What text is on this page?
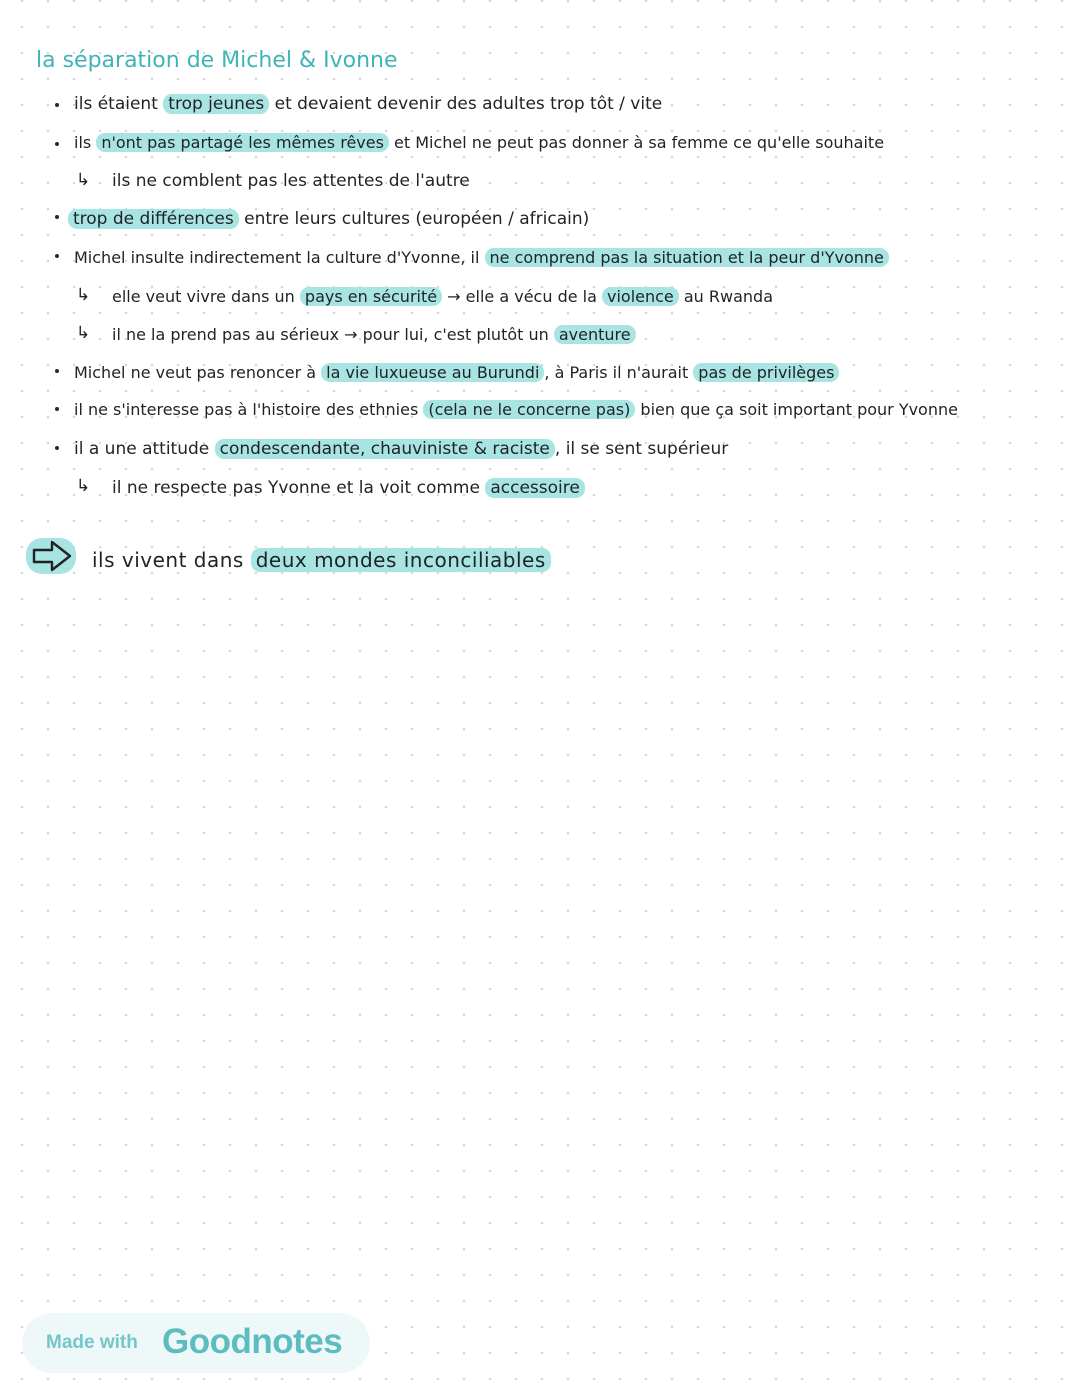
la séparation de Michel & Ivonne
ils étaient trop jeunes et devaient devenir des adultes trop tôt / vite
ils n'ont pas partagé les mêmes rêves et Michel ne peut pas donner à sa femme ce qu'elle souhaite
↳ ils ne comblent pas les attentes de l'autre
trop de différences entre leurs cultures (européen / africain)
Michel insulte indirectement la culture d'Yvonne, il ne comprend pas la situation et la peur d'Yvonne
↳ elle veut vivre dans un pays en sécurité → elle a vécu de la violence au Rwanda
↳ il ne la prend pas au sérieux → pour lui, c'est plutôt un aventure
Michel ne veut pas renoncer à la vie luxueuse au Burundi , à Paris il n'aurait pas de privilèges
il ne s'interesse pas à l'histoire des ethnies (cela ne le concerne pas) bien que ça soit important pour Yvonne
il a une attitude condescendante, chauviniste & raciste , il se sent supérieur
↳ il ne respecte pas Yvonne et la voit comme accessoire
ils vivent dans deux mondes inconciliables
Made with Goodnotes
